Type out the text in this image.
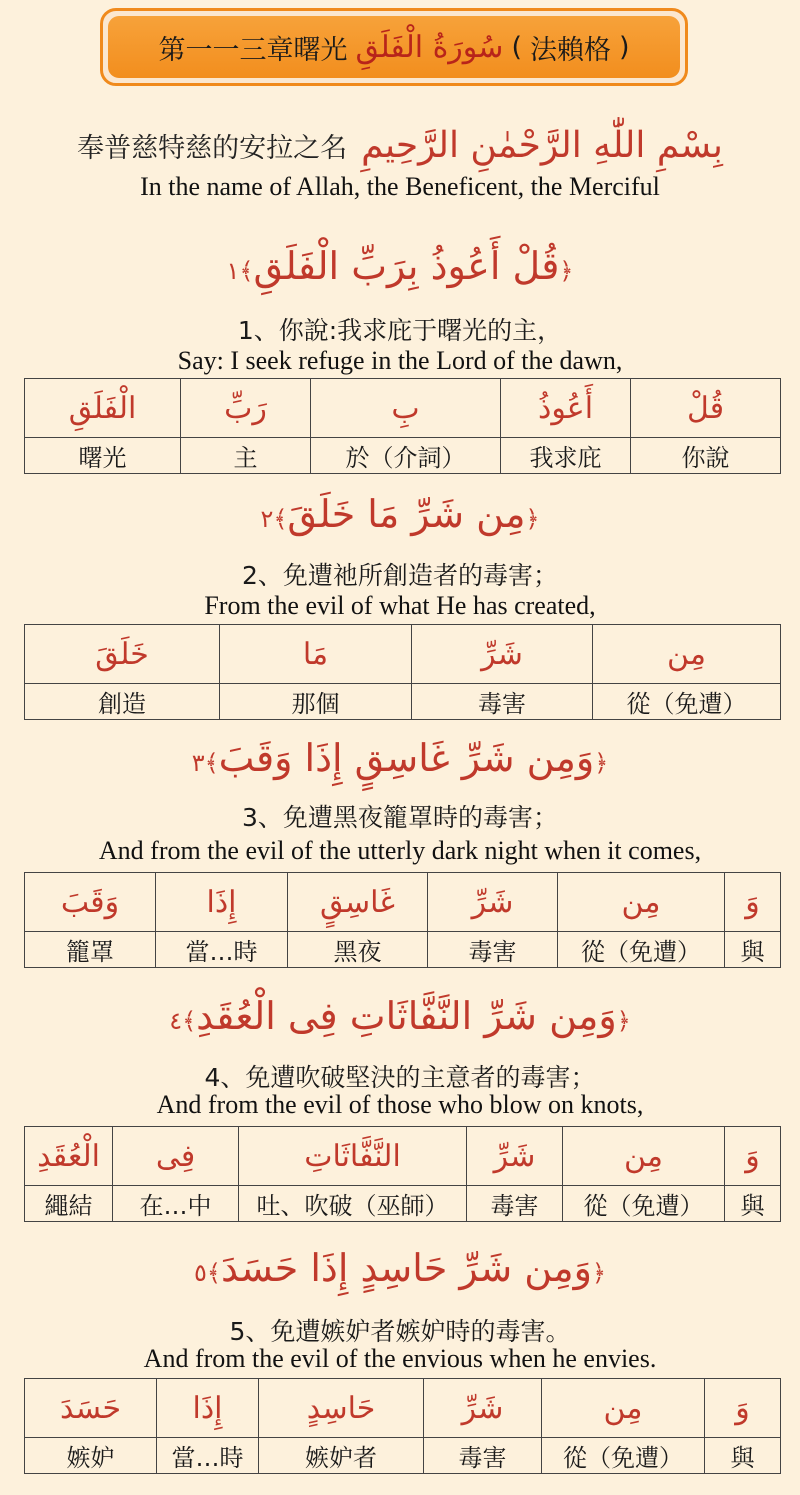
第一一三章曙光 سُورَةُ الْفَلَقِ ( 法賴格 )
奉普慈特慈的安拉之名 بِسْمِ اللّٰهِ الرَّحْمٰنِ الرَّحِيمِ
In the name of Allah, the Beneficent, the Merciful
قُلْ أَعُوذُ بِرَبِّ الْفَلَقِ﴾١﴿
1、你說:我求庇于曙光的主，
Say: I seek refuge in the Lord of the dawn,
قُلْ	أَعُوذُ	بِ	رَبِّ	الْفَلَقِ
你說	我求庇	於（介詞）	主	曙光
مِن شَرِّ مَا خَلَقَ﴾٢﴿
2、免遭祂所創造者的毒害；
From the evil of what He has created,
مِن	شَرِّ	مَا	خَلَقَ
從（免遭）	毒害	那個	創造
وَمِن شَرِّ غَاسِقٍ إِذَا وَقَبَ﴾٣﴿
3、免遭黑夜籠罩時的毒害；
And from the evil of the utterly dark night when it comes,
وَ	مِن	شَرِّ	غَاسِقٍ	إِذَا	وَقَبَ
與	從（免遭）	毒害	黑夜	當…時	籠罩
وَمِن شَرِّ النَّفَّاثَاتِ فِى الْعُقَدِ﴾٤﴿
4、免遭吹破堅決的主意者的毒害；
And from the evil of those who blow on knots,
وَ	مِن	شَرِّ	النَّفَّاثَاتِ	فِى	الْعُقَدِ
與	從（免遭）	毒害	吐、吹破（巫師）	在…中	繩結
وَمِن شَرِّ حَاسِدٍ إِذَا حَسَدَ﴾٥﴿
5、免遭嫉妒者嫉妒時的毒害。
And from the evil of the envious when he envies.
وَ	مِن	شَرِّ	حَاسِدٍ	إِذَا	حَسَدَ
與	從（免遭）	毒害	嫉妒者	當…時	嫉妒
